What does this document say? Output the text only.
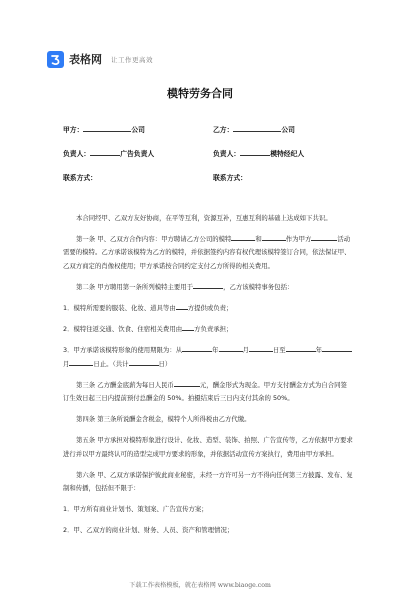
表格网 让工作更高效
模特劳务合同
甲方：	公司	乙方：	公司
负责人：	广告负责人	负责人：	模特经纪人
联系方式：	联系方式：

本合同经甲、乙双方友好协商，在平等互利，资源互补，互惠互利的基础上达成如下共识。

第一条 甲、乙双方合作内容：甲方聘请乙方公司的模特	和	作为甲方	活动需要的模特。乙方承诺该模特为乙方的模特，并依据签约内容有权代理该模特签订合同，依法保证甲、乙双方商定的肖像权使用；甲方承诺按合同约定支付乙方所得的相关费用。

第二条 甲方聘用第一条所列模特主要用于	，乙方该模特事务包括：

1．模特所需要的服装、化妆、道具等由 方提供或负责；

2．模特往返交通、饮食、住宿相关费用由 方负责承担；

3．甲方承诺该模特形象的使用期限为：从	年	月	日至	年月	日止。（共计	日）

第三条 乙方酬金底薪为每日人民币	元，酬金形式为现金。甲方支付酬金方式为自合同签订生效日起三日内提前预付总酬金的 50%。拍摄结束后三日内支付其余的 50%。

第四条 第三条所说酬金含税金，模特个人所得税由乙方代缴。

第五条 甲方承担对模特形象进行设计、化妆、造型、装饰、拍照、广告宣传等，乙方依据甲方要求进行并以甲方最终认可的造型完成甲方要求的形象，并依据活动宣传方案执行，费用由甲方承担。

第六条 甲、乙双方承诺保护彼此商业秘密，未经一方许可另一方不得向任何第三方披露、发布、复制和传播，包括但不限于：

1．甲方所有商业计划书、策划案、广告宣传方案；

2．甲、乙双方的商业计划、财务、人员、资产和管理情况；

下载工作表格模板，就在表格网 www.biaoge.com
